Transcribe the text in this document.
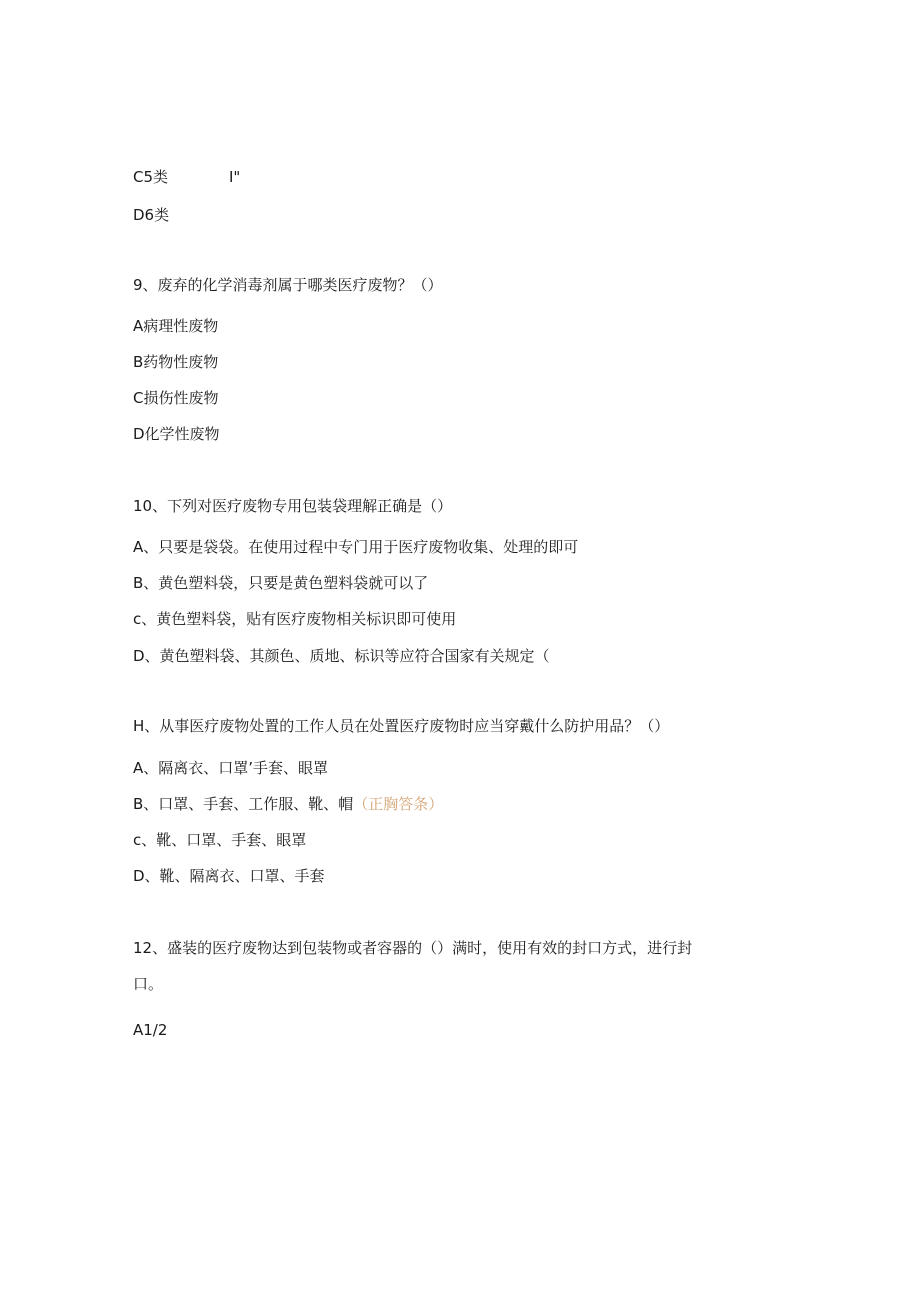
C5类	I"
D6类
9、废弃的化学消毒剂属于哪类医疗废物？（）
A病理性废物
B药物性废物
C损伤性废物
D化学性废物
10、下列对医疗废物专用包装袋理解正确是（）
A、只要是袋袋。在使用过程中专门用于医疗废物收集、处理的即可
B、黄色塑料袋，只要是黄色塑料袋就可以了
c、黄色塑料袋，贴有医疗废物相关标识即可使用
D、黄色塑料袋、其颜色、质地、标识等应符合国家有关规定（
H、从事医疗废物处置的工作人员在处置医疗废物时应当穿戴什么防护用品？（）
A、隔离衣、口罩’手套、眼罩
B、口罩、手套、工作服、靴、帽（正胸答条）
c、靴、口罩、手套、眼罩
D、靴、隔离衣、口罩、手套
12、盛装的医疗废物达到包装物或者容器的（）满时，使用有效的封口方式，进行封
口。
A1/2
